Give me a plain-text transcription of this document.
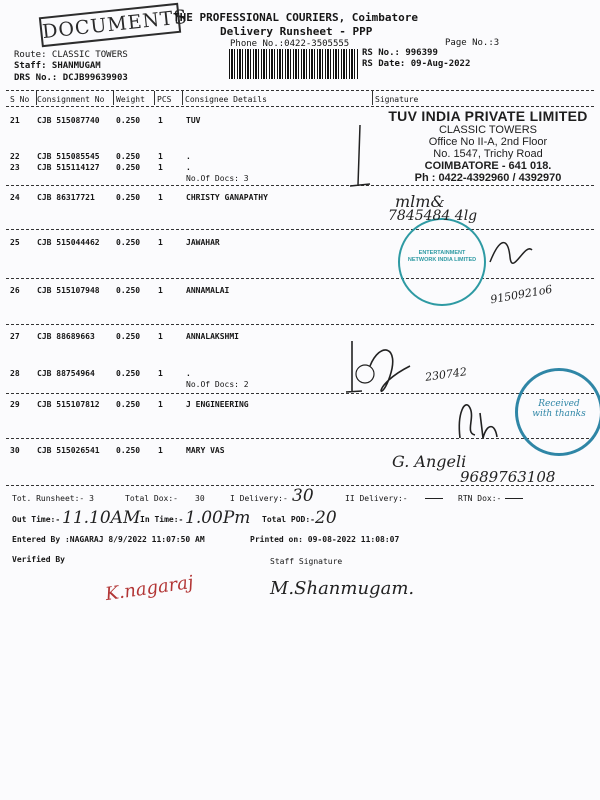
DOCUMENTS
THE PROFESSIONAL COURIERS, Coimbatore
Delivery Runsheet - PPP
Phone No.:0422-3505555	Page No.:3
Route: CLASSIC TOWERS
Staff: SHANMUGAM
DRS No.: DCJB99639903
RS No.: 996399
RS Date: 09-Aug-2022
S No Consignment No Weight PCS Consignee Details	Signature
21 CJB 515087740 0.250 1	TUV
22 CJB 515085545 0.250 1	.
23 CJB 515114127 0.250 1	.
No.Of Docs: 3
24 CJB 86317721	0.250 1	CHRISTY GANAPATHY
25 CJB 515044462 0.250 1	JAWAHAR
26 CJB 515107948 0.250 1	ANNAMALAI
27 CJB 88689663	0.250 1	ANNALAKSHMI
28 CJB 88754964	0.250 1	.
No.Of Docs: 2
29 CJB 515107812 0.250 1	J ENGINEERING
30 CJB 515026541 0.250 1	MARY VAS
TUV INDIA PRIVATE LIMITED
CLASSIC TOWERS
Office No II-A, 2nd Floor
No. 1547, Trichy Road
COIMBATORE - 641 018.
Ph : 0422-4392960 / 4392970
ENTERTAINMENT NETWORK INDIA LIMITED
Received with thanks
mlm&
7845484 4lg
9150921o6
230742
G. Angeli
9689763108
Tot. Runsheet:- 3	Total Dox:- 30	I Delivery:- 30	II Delivery:-	RTN Dox:-
Out Time:- 11.10AM In Time:- 1.00Pm Total POD:- 20
Entered By :NAGARAJ 8/9/2022 11:07:50 AM	Printed on: 09-08-2022 11:08:07
Verified By	Staff Signature
K.nagaraj	M.Shanmugam.
